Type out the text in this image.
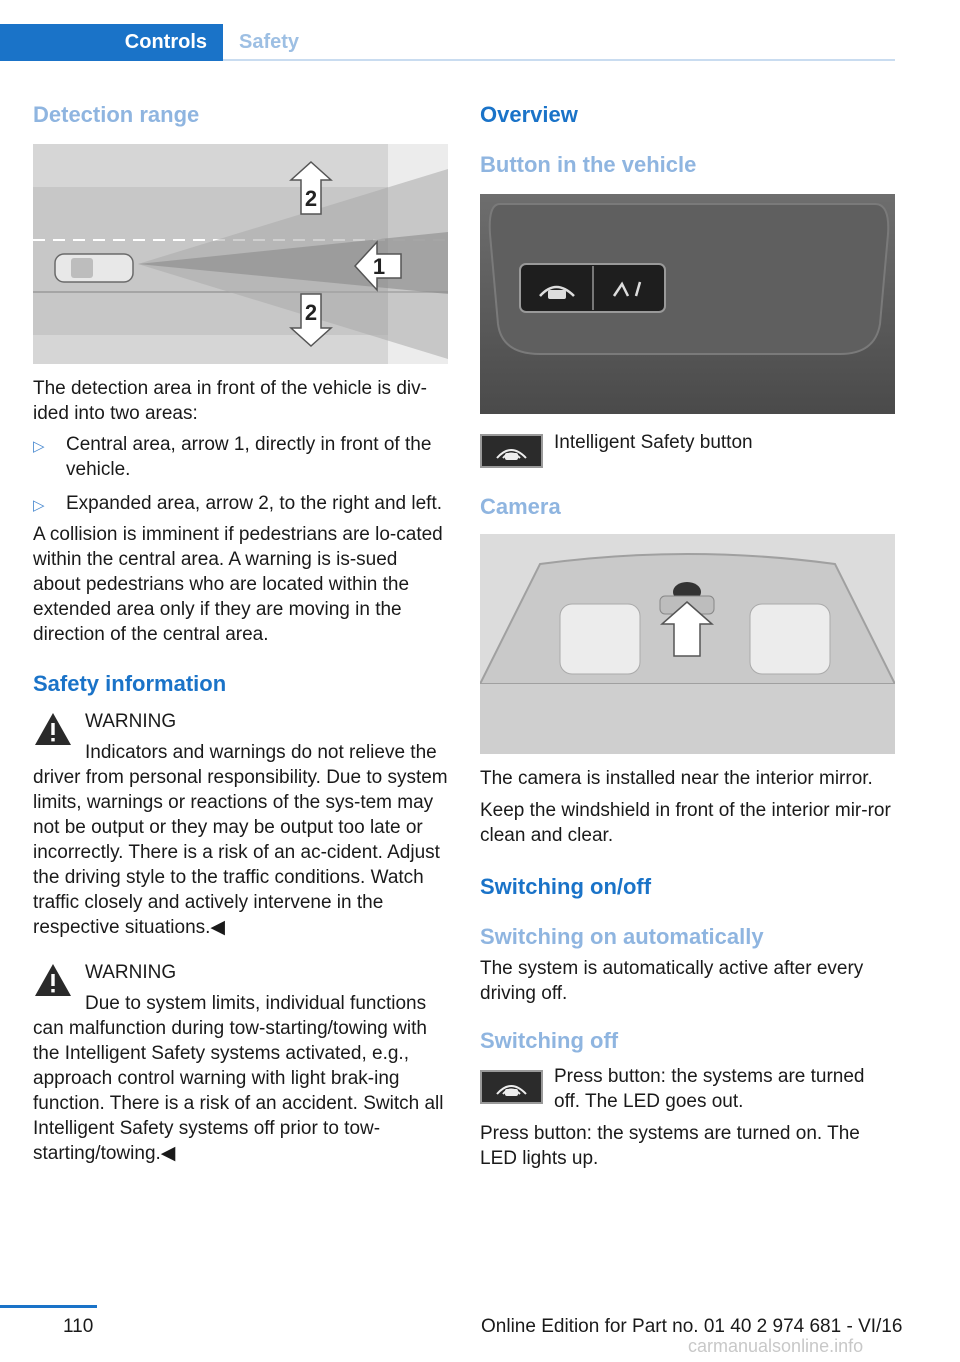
Controls	Safety
Detection range
2
2
1

The detection area in front of the vehicle is div‐ided into two areas:

▷ Central area, arrow 1, directly in front of the vehicle.
▷ Expanded area, arrow 2, to the right and left.

A collision is imminent if pedestrians are lo‐cated within the central area. A warning is is‐sued about pedestrians who are located within the extended area only if they are moving in the direction of the central area.

Safety information
WARNING

Indicators and warnings do not relieve the driver from personal responsibility. Due to system limits, warnings or reactions of the sys‐tem may not be output or they may be output too late or incorrectly. There is a risk of an ac‐cident. Adjust the driving style to the traffic conditions. Watch traffic closely and actively intervene in the respective situations.◀

WARNING

Due to system limits, individual functions can malfunction during tow-starting/towing with the Intelligent Safety systems activated, e.g., approach control warning with light brak‐ing function. There is a risk of an accident. Switch all Intelligent Safety systems off prior to tow-starting/towing.◀

Overview
Button in the vehicle
Intelligent Safety button
Camera

The camera is installed near the interior mirror.

Keep the windshield in front of the interior mir‐ror clean and clear.

Switching on/off
Switching on automatically

The system is automatically active after every driving off.

Switching off
Press button: the systems are turned off. The LED goes out.

Press button: the systems are turned on. The LED lights up.

110	Online Edition for Part no. 01 40 2 974 681 - VI/16
carmanualsonline.info
